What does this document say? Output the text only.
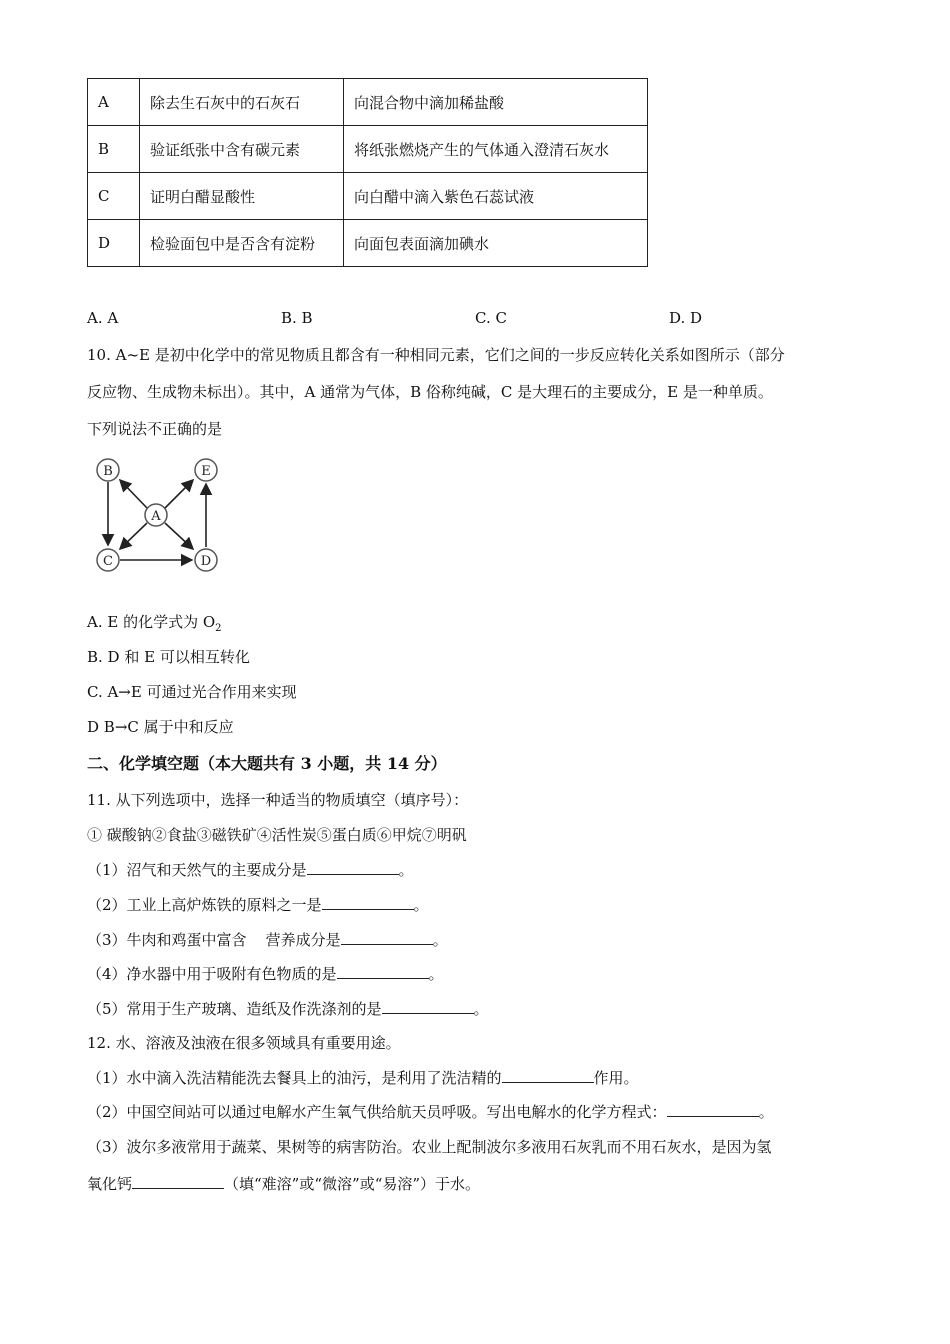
A	除去生石灰中的石灰石	向混合物中滴加稀盐酸
B	验证纸张中含有碳元素	将纸张燃烧产生的气体通入澄清石灰水
C	证明白醋显酸性	向白醋中滴入紫色石蕊试液
D	检验面包中是否含有淀粉	向面包表面滴加碘水
A. A	B. B	C. C	D. D
10. A~E 是初中化学中的常见物质且都含有一种相同元素，它们之间的一步反应转化关系如图所示（部分
反应物、生成物未标出）。其中，A 通常为气体，B 俗称纯碱，C 是大理石的主要成分，E 是一种单质。
下列说法不正确的是
B	E
A
C	D
A. E 的化学式为 $O_2$
B. D 和 E 可以相互转化
C. A→E 可通过光合作用来实现
D B→C 属于中和反应
二、化学填空题（本大题共有 3 小题，共 14 分）
11. 从下列选项中，选择一种适当的物质填空（填序号）：
① 碳酸钠②食盐③磁铁矿④活性炭⑤蛋白质⑥甲烷⑦明矾
（1）沼气和天然气的主要成分是	。
（2）工业上高炉炼铁的原料之一是	。
（3）牛肉和鸡蛋中富含    营养成分是	。
（4）净水器中用于吸附有色物质的是	。
（5）常用于生产玻璃、造纸及作洗涤剂的是	。
12. 水、溶液及浊液在很多领域具有重要用途。
（1）水中滴入洗洁精能洗去餐具上的油污，是利用了洗洁精的	作用。
（2）中国空间站可以通过电解水产生氧气供给航天员呼吸。写出电解水的化学方程式：	。
（3）波尔多液常用于蔬菜、果树等的病害防治。农业上配制波尔多液用石灰乳而不用石灰水，是因为氢
氧化钙	（填“难溶”或“微溶”或“易溶”）于水。
